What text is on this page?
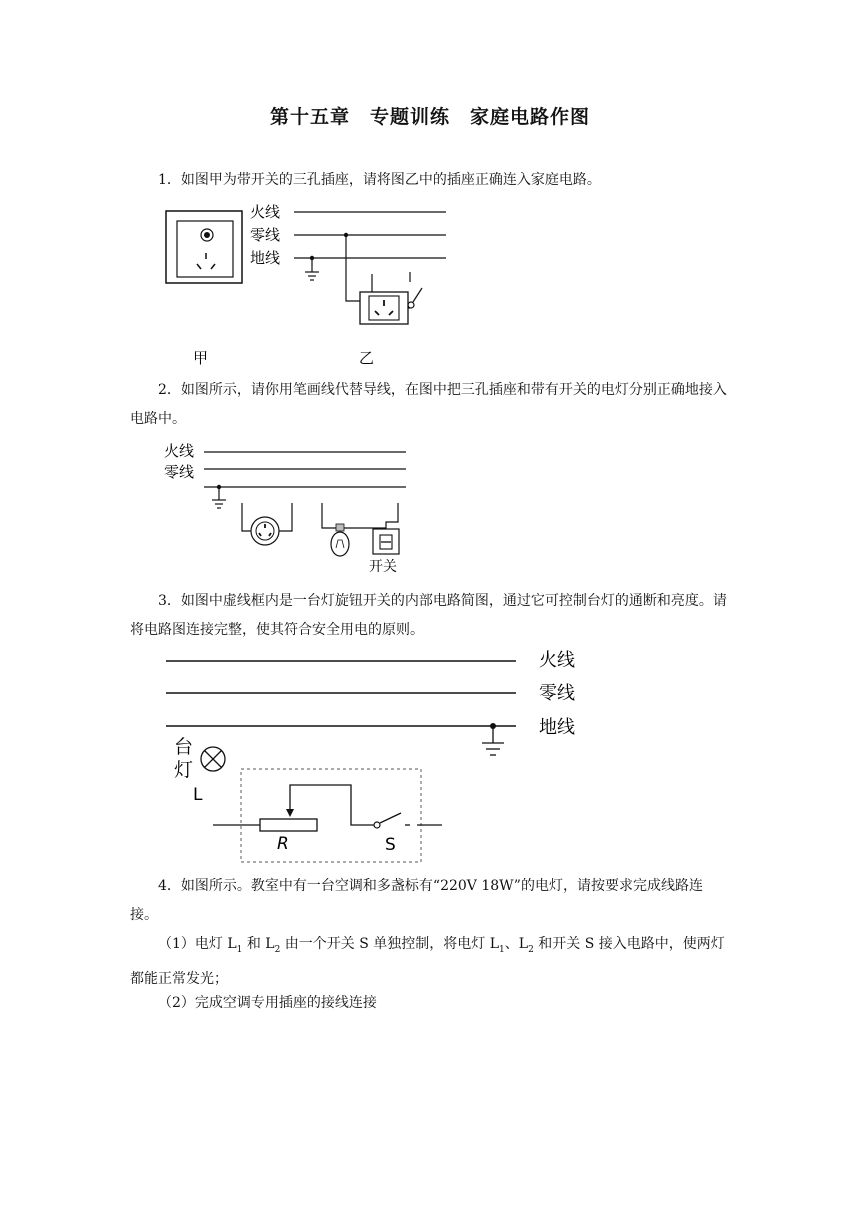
第十五章　专题训练　家庭电路作图
1．如图甲为带开关的三孔插座，请将图乙中的插座正确连入家庭电路。
火线
零线
地线
甲	乙
2．如图所示，请你用笔画线代替导线，在图中把三孔插座和带有开关的电灯分别正确地接入电路中。
火线
零线
开关
3．如图中虚线框内是一台灯旋钮开关的内部电路简图，通过它可控制台灯的通断和亮度。请将电路图连接完整，使其符合安全用电的原则。
火线
零线
地线
台
灯
L
R	S
4．如图所示。教室中有一台空调和多盏标有“220V 18W”的电灯，请按要求完成线路连接。
（1）电灯 $L_1$ 和 $L_2$ 由一个开关 S 单独控制，将电灯 $L_1$、$L_2$ 和开关 S 接入电路中，使两灯都能正常发光；
（2）完成空调专用插座的接线连接
